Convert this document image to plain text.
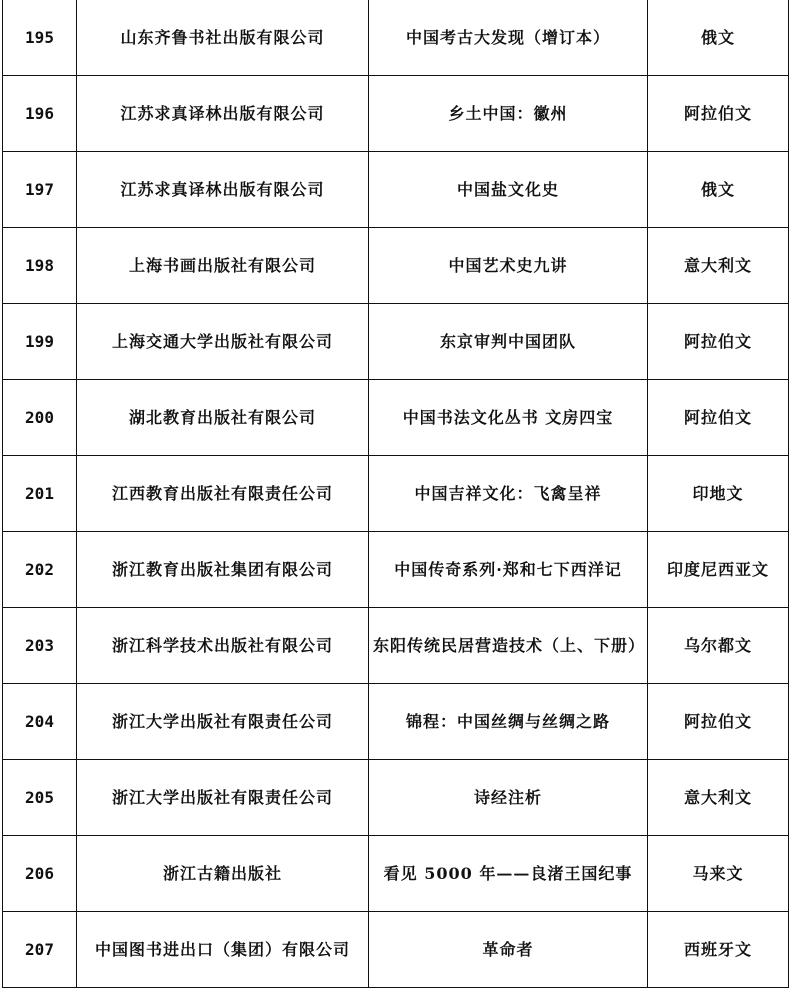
195	山东齐鲁书社出版有限公司	中国考古大发现（增订本）	俄文
196	江苏求真译林出版有限公司	乡土中国：徽州	阿拉伯文
197	江苏求真译林出版有限公司	中国盐文化史	俄文
198	上海书画出版社有限公司	中国艺术史九讲	意大利文
199	上海交通大学出版社有限公司	东京审判中国团队	阿拉伯文
200	湖北教育出版社有限公司	中国书法文化丛书 文房四宝	阿拉伯文
201	江西教育出版社有限责任公司	中国吉祥文化：飞禽呈祥	印地文
202	浙江教育出版社集团有限公司	中国传奇系列·郑和七下西洋记	印度尼西亚文
203	浙江科学技术出版社有限公司	东阳传统民居营造技术（上、下册）	乌尔都文
204	浙江大学出版社有限责任公司	锦程：中国丝绸与丝绸之路	阿拉伯文
205	浙江大学出版社有限责任公司	诗经注析	意大利文
206	浙江古籍出版社	看见 5000 年——良渚王国纪事	马来文
207	中国图书进出口（集团）有限公司	革命者	西班牙文
